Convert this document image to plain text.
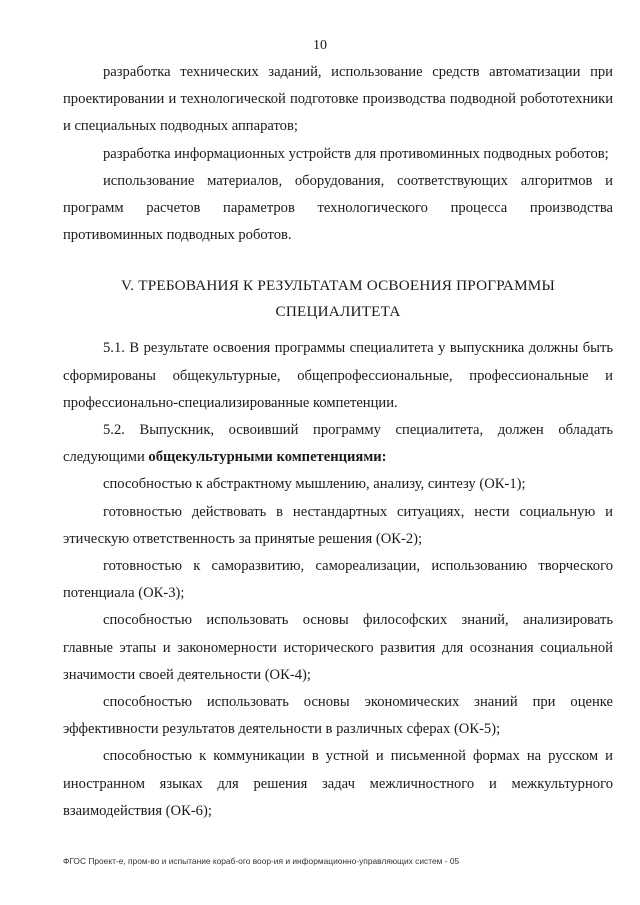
10

разработка технических заданий, использование средств автоматизации при проектировании и технологической подготовке производства подводной робототехники и специальных подводных аппаратов;

разработка информационных устройств для противоминных подводных роботов;

использование материалов, оборудования, соответствующих алгоритмов и программ расчетов параметров технологического процесса производства противоминных подводных роботов.

V. ТРЕБОВАНИЯ К РЕЗУЛЬТАТАМ ОСВОЕНИЯ ПРОГРАММЫ
СПЕЦИАЛИТЕТА

5.1. В результате освоения программы специалитета у выпускника должны быть сформированы общекультурные, общепрофессиональные, профессиональные и профессионально-специализированные компетенции.

5.2. Выпускник, освоивший программу специалитета, должен обладать следующими общекультурными компетенциями:

способностью к абстрактному мышлению, анализу, синтезу (ОК-1);

готовностью действовать в нестандартных ситуациях, нести социальную и этическую ответственность за принятые решения (ОК-2);

готовностью к саморазвитию, самореализации, использованию творческого потенциала (ОК-3);

способностью использовать основы философских знаний, анализировать главные этапы и закономерности исторического развития для осознания социальной значимости своей деятельности (ОК-4);

способностью использовать основы экономических знаний при оценке эффективности результатов деятельности в различных сферах (ОК-5);

способностью к коммуникации в устной и письменной формах на русском и иностранном языках для решения задач межличностного и межкультурного взаимодействия (ОК-6);

ФГОС Проект-е, пром-во и испытание кораб-ого воор-ия и информационно-управляющих систем - 05
